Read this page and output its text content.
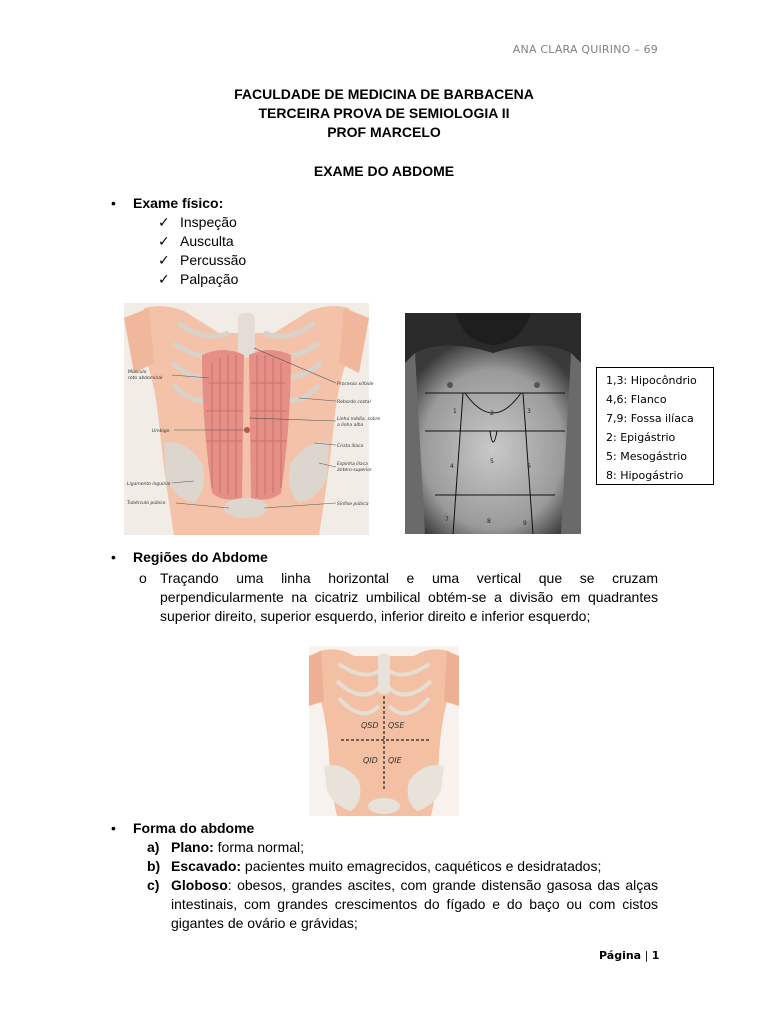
ANA CLARA QUIRINO – 69
FACULDADE DE MEDICINA DE BARBACENA
TERCEIRA PROVA DE SEMIOLOGIA II
PROF MARCELO
EXAME DO ABDOME
• Exame físico:
✓ Inspeção
✓ Ausculta
✓ Percussão
✓ Palpação
Músculo
reto abdominal
Umbigo
Ligamento inguinal
Tubérculo púbico
Processo xifoide
Rebordo costal
Linha média, sobre
a linha alba
Crista ilíaca
Espinha ilíaca
ântero-superior
Sínfise púbica
1	2	3
4
5
6
7	8	9
1,3: Hipocôndrio
4,6: Flanco
7,9: Fossa ilíaca
2: Epigástrio
5: Mesogástrio
8: Hipogástrio
• Regiões do Abdome
o Traçando uma linha horizontal e uma vertical que se cruzam perpendicularmente na cicatriz umbilical obtém-se a divisão em quadrantes superior direito, superior esquerdo, inferior direito e inferior esquerdo;
QSD QSE
QID QIE
• Forma do abdome
a) Plano: forma normal;
b) Escavado: pacientes muito emagrecidos, caquéticos e desidratados;
c) Globoso: obesos, grandes ascites, com grande distensão gasosa das alças intestinais, com grandes crescimentos do fígado e do baço ou com cistos gigantes de ovário e grávidas;
Página | 1
